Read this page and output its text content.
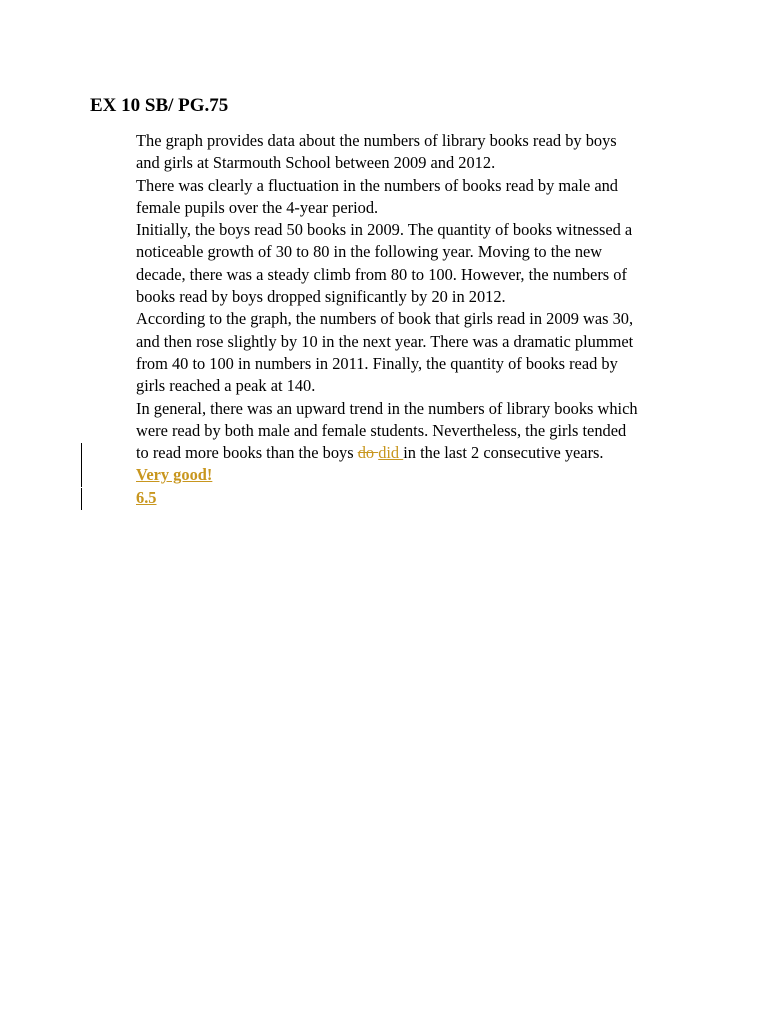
EX 10 SB/ PG.75

The graph provides data about the numbers of library books read by boys
and girls at Starmouth School between 2009 and 2012.

There was clearly a fluctuation in the numbers of books read by male and
female pupils over the 4-year period.

Initially, the boys read 50 books in 2009. The quantity of books witnessed a
noticeable growth of 30 to 80 in the following year. Moving to the new
decade, there was a steady climb from 80 to 100. However, the numbers of
books read by boys dropped significantly by 20 in 2012.

According to the graph, the numbers of book that girls read in 2009 was 30,
and then rose slightly by 10 in the next year. There was a dramatic plummet
from 40 to 100 in numbers in 2011. Finally, the quantity of books read by
girls reached a peak at 140.

In general, there was an upward trend in the numbers of library books which
were read by both male and female students. Nevertheless, the girls tended
to read more books than the boys do did in the last 2 consecutive years.

Very good!

6.5
